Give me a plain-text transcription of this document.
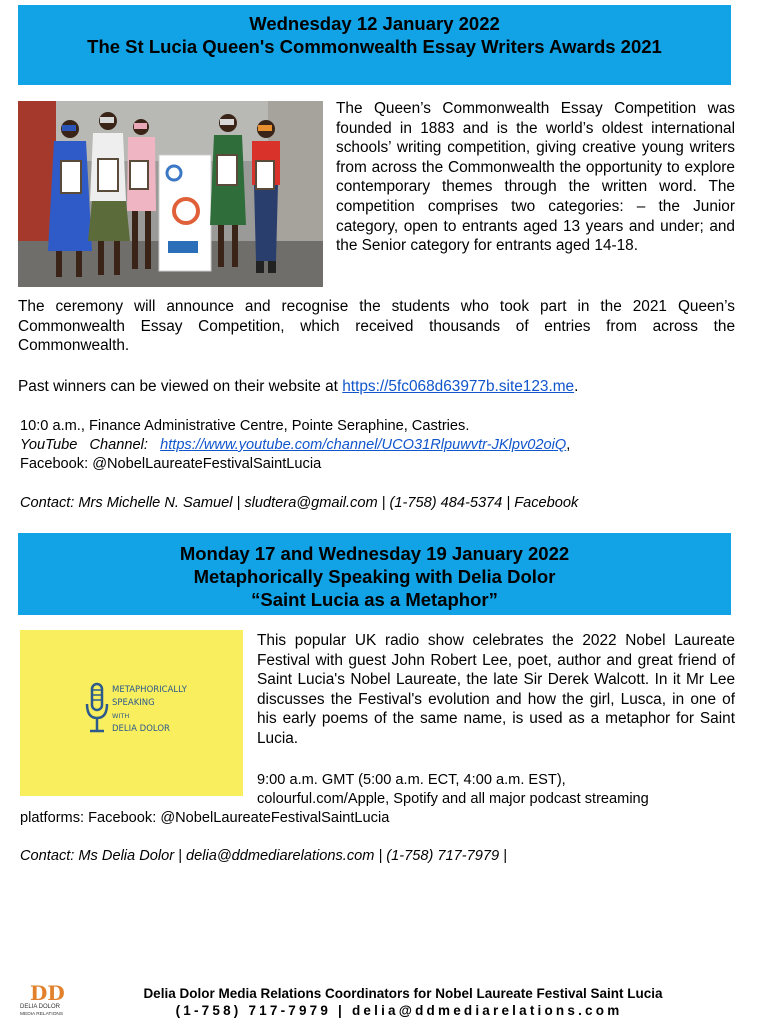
Wednesday 12 January 2022
The St Lucia Queen's Commonwealth Essay Writers Awards 2021
The Queen’s Commonwealth Essay Competition was founded in 1883 and is the world’s oldest international schools’ writing competition, giving creative young writers from across the Commonwealth the opportunity to explore contemporary themes through the written word. The competition comprises two categories: – the Junior category, open to entrants aged 13 years and under; and the Senior category for entrants aged 14-18.
The ceremony will announce and recognise the students who took part in the 2021 Queen’s Commonwealth Essay Competition, which received thousands of entries from across the Commonwealth.
Past winners can be viewed on their website at https://5fc068d63977b.site123.me.
10:0 a.m., Finance Administrative Centre, Pointe Seraphine, Castries.
YouTube   Channel:   https://www.youtube.com/channel/UCO31Rlpuwvtr-JKlpv02oiQ,
Facebook: @NobelLaureateFestivalSaintLucia
Contact: Mrs Michelle N. Samuel | sludtera@gmail.com | (1-758) 484-5374 | Facebook
Monday 17 and Wednesday 19 January 2022
Metaphorically Speaking with Delia Dolor
“Saint Lucia as a Metaphor”
METAPHORICALLY
SPEAKING
WITH
DELIA DOLOR
This popular UK radio show celebrates the 2022 Nobel Laureate Festival with guest John Robert Lee, poet, author and great friend of Saint Lucia's Nobel Laureate, the late Sir Derek Walcott. In it Mr Lee discusses the Festival's evolution and how the girl, Lusca, in one of his early poems of the same name, is used as a metaphor for Saint Lucia.
9:00 a.m. GMT (5:00 a.m. ECT, 4:00 a.m. EST),
colourful.com/Apple, Spotify and all major podcast streaming
platforms: Facebook: @NobelLaureateFestivalSaintLucia
Contact: Ms Delia Dolor | delia@ddmediarelations.com | (1-758) 717-7979 |
DD
DELIA DOLOR
MEDIA RELATIONS
Delia Dolor Media Relations Coordinators for Nobel Laureate Festival Saint Lucia
(1-758) 717-7979 | delia@ddmediarelations.com
